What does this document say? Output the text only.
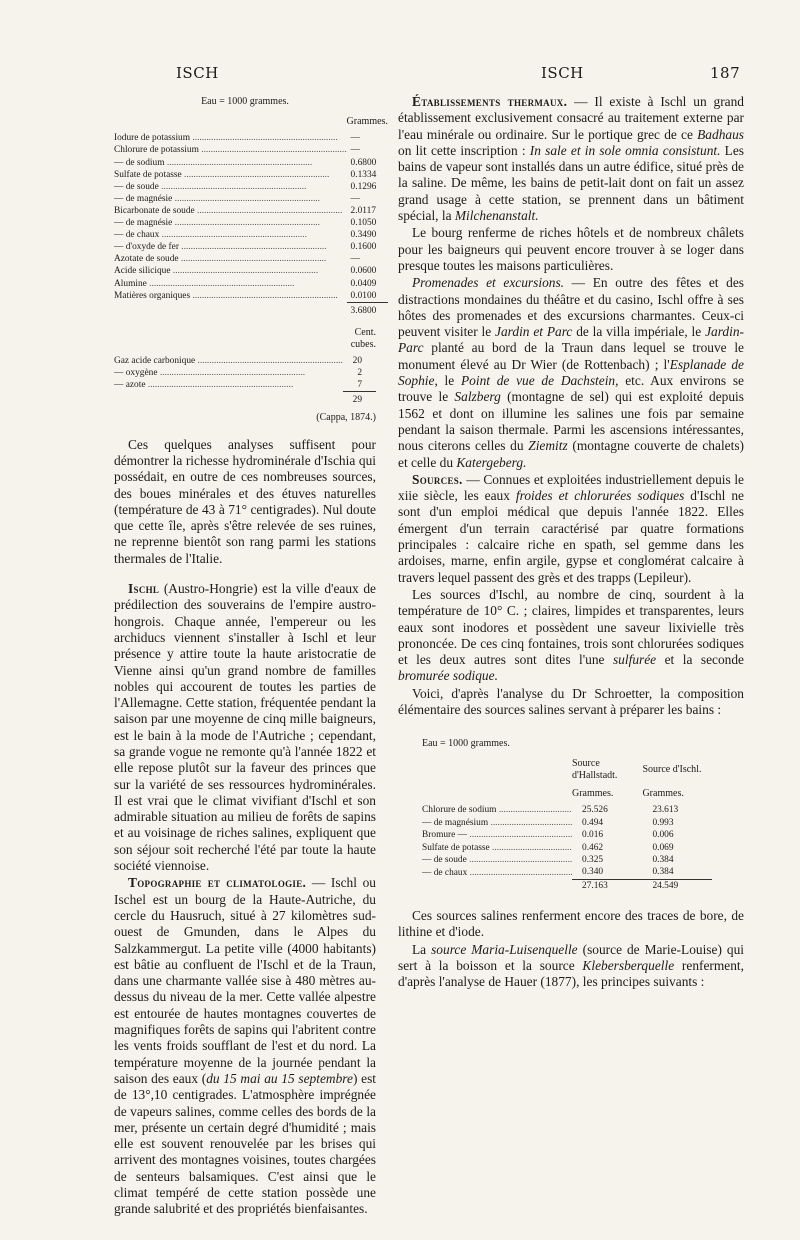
ISCH	ISCH	187
Eau = 1000 grammes.
	Grammes.
Iodure de potassium .....	—
Chlorure de potassium .....	—
— de sodium .....	0.6800
Sulfate de potasse .....	0.1334
— de soude .....	0.1296
— de magnésie .....	—
Bicarbonate de soude .....	2.0117
— de magnésie .....	0.1050
— de chaux .....	0.3490
— d'oxyde de fer .....	0.1600
Azotate de soude .....	—
Acide silicique .....	0.0600
Alumine .....	0.0409
Matières organiques .....	0.0100
	3.6800
	Cent. cubes.
Gaz acide carbonique .....	20
— oxygène .....	2
— azote .....	7
	29
(Cappa, 1874.)

Ces quelques analyses suffisent pour démontrer la richesse hydrominérale d'Ischia qui possédait, en outre de ces nombreuses sources, des boues minérales et des étuves naturelles (température de 43 à 71° centigrades). Nul doute que cette île, après s'être relevée de ses ruines, ne reprenne bientôt son rang parmi les stations thermales de l'Italie.

Ischl (Austro-Hongrie) est la ville d'eaux de prédilection des souverains de l'empire austro-hongrois. Chaque année, l'empereur ou les archiducs viennent s'installer à Ischl et leur présence y attire toute la haute aristocratie de Vienne ainsi qu'un grand nombre de familles nobles qui accourent de toutes les parties de l'Allemagne. Cette station, fréquentée pendant la saison par une moyenne de cinq mille baigneurs, est le bain à la mode de l'Autriche ; cependant, sa grande vogue ne remonte qu'à l'année 1822 et elle repose plutôt sur la faveur des princes que sur la variété de ses ressources hydrominérales. Il est vrai que le climat vivifiant d'Ischl et son admirable situation au milieu de forêts de sapins et au voisinage de riches salines, expliquent que son séjour soit recherché l'été par toute la haute société viennoise.

Topographie et climatologie. — Ischl ou Ischel est un bourg de la Haute-Autriche, du cercle du Hausruch, situé à 27 kilomètres sud-ouest de Gmunden, dans le Alpes du Salzkammergut. La petite ville (4000 habitants) est bâtie au confluent de l'Ischl et de la Traun, dans une charmante vallée sise à 480 mètres au-dessus du niveau de la mer. Cette vallée alpestre est entourée de hautes montagnes couvertes de magnifiques forêts de sapins qui l'abritent contre les vents froids soufflant de l'est et du nord. La température moyenne de la journée pendant la saison des eaux (du 15 mai au 15 septembre) est de 13°,10 centigrades. L'atmosphère imprégnée de vapeurs salines, comme celles des bords de la mer, présente un certain degré d'humidité ; mais elle est souvent renouvelée par les brises qui arrivent des montagnes voisines, toutes chargées de senteurs balsamiques. C'est ainsi que le climat tempéré de cette station possède une grande salubrité et des propriétés bienfaisantes.

Établissements thermaux. — Il existe à Ischl un grand établissement exclusivement consacré au traitement externe par l'eau minérale ou ordinaire. Sur le portique grec de ce Badhaus on lit cette inscription : In sale et in sole omnia consistunt. Les bains de vapeur sont installés dans un autre édifice, situé près de la saline. De même, les bains de petit-lait dont on fait un assez grand usage à cette station, se prennent dans un bâtiment spécial, la Milchenanstalt.

Le bourg renferme de riches hôtels et de nombreux châlets pour les baigneurs qui peuvent encore trouver à se loger dans presque toutes les maisons particulières.

Promenades et excursions. — En outre des fêtes et des distractions mondaines du théâtre et du casino, Ischl offre à ses hôtes des promenades et des excursions charmantes. Ceux-ci peuvent visiter le Jardin et Parc de la villa impériale, le Jardin-Parc planté au bord de la Traun dans lequel se trouve le monument élevé au Dr Wier (de Rottenbach) ; l'Esplanade de Sophie, le Point de vue de Dachstein, etc. Aux environs se trouve le Salzberg (montagne de sel) qui est exploité depuis 1562 et dont on illumine les salines une fois par semaine pendant la saison thermale. Parmi les ascensions intéressantes, nous citerons celles du Ziemitz (montagne couverte de chalets) et celle du Katergeberg.

Sources. — Connues et exploitées industriellement depuis le xiie siècle, les eaux froides et chlorurées sodiques d'Ischl ne sont d'un emploi médical que depuis l'année 1822. Elles émergent d'un terrain caractérisé par quatre formations principales : calcaire riche en spath, sel gemme dans les ardoises, marne, enfin argile, gypse et conglomérat calcaire à travers lequel passent des grès et des trapps (Lepileur).

Les sources d'Ischl, au nombre de cinq, sourdent à la température de 10° C. ; claires, limpides et transparentes, leurs eaux sont inodores et possèdent une saveur lixivielle très prononcée. De ces cinq fontaines, trois sont chlorurées sodiques et les deux autres sont dites l'une sulfurée et la seconde bromurée sodique.

Voici, d'après l'analyse du Dr Schroetter, la composition élémentaire des sources salines servant à préparer les bains :

Eau = 1000 grammes.		
	Source d'Hallstadt.	Source d'Ischl.
	Grammes.	Grammes.
Chlorure de sodium .....	25.526	23.613
— de magnésium .....	0.494	0.993
Bromure — .....	0.016	0.006
Sulfate de potasse .....	0.462	0.069
— de soude .....	0.325	0.384
— de chaux .....	0.340	0.384
	27.163	24.549

Ces sources salines renferment encore des traces de bore, de lithine et d'iode.

La source Maria-Luisenquelle (source de Marie-Louise) qui sert à la boisson et la source Klebersberquelle renferment, d'après l'analyse de Hauer (1877), les principes suivants :
